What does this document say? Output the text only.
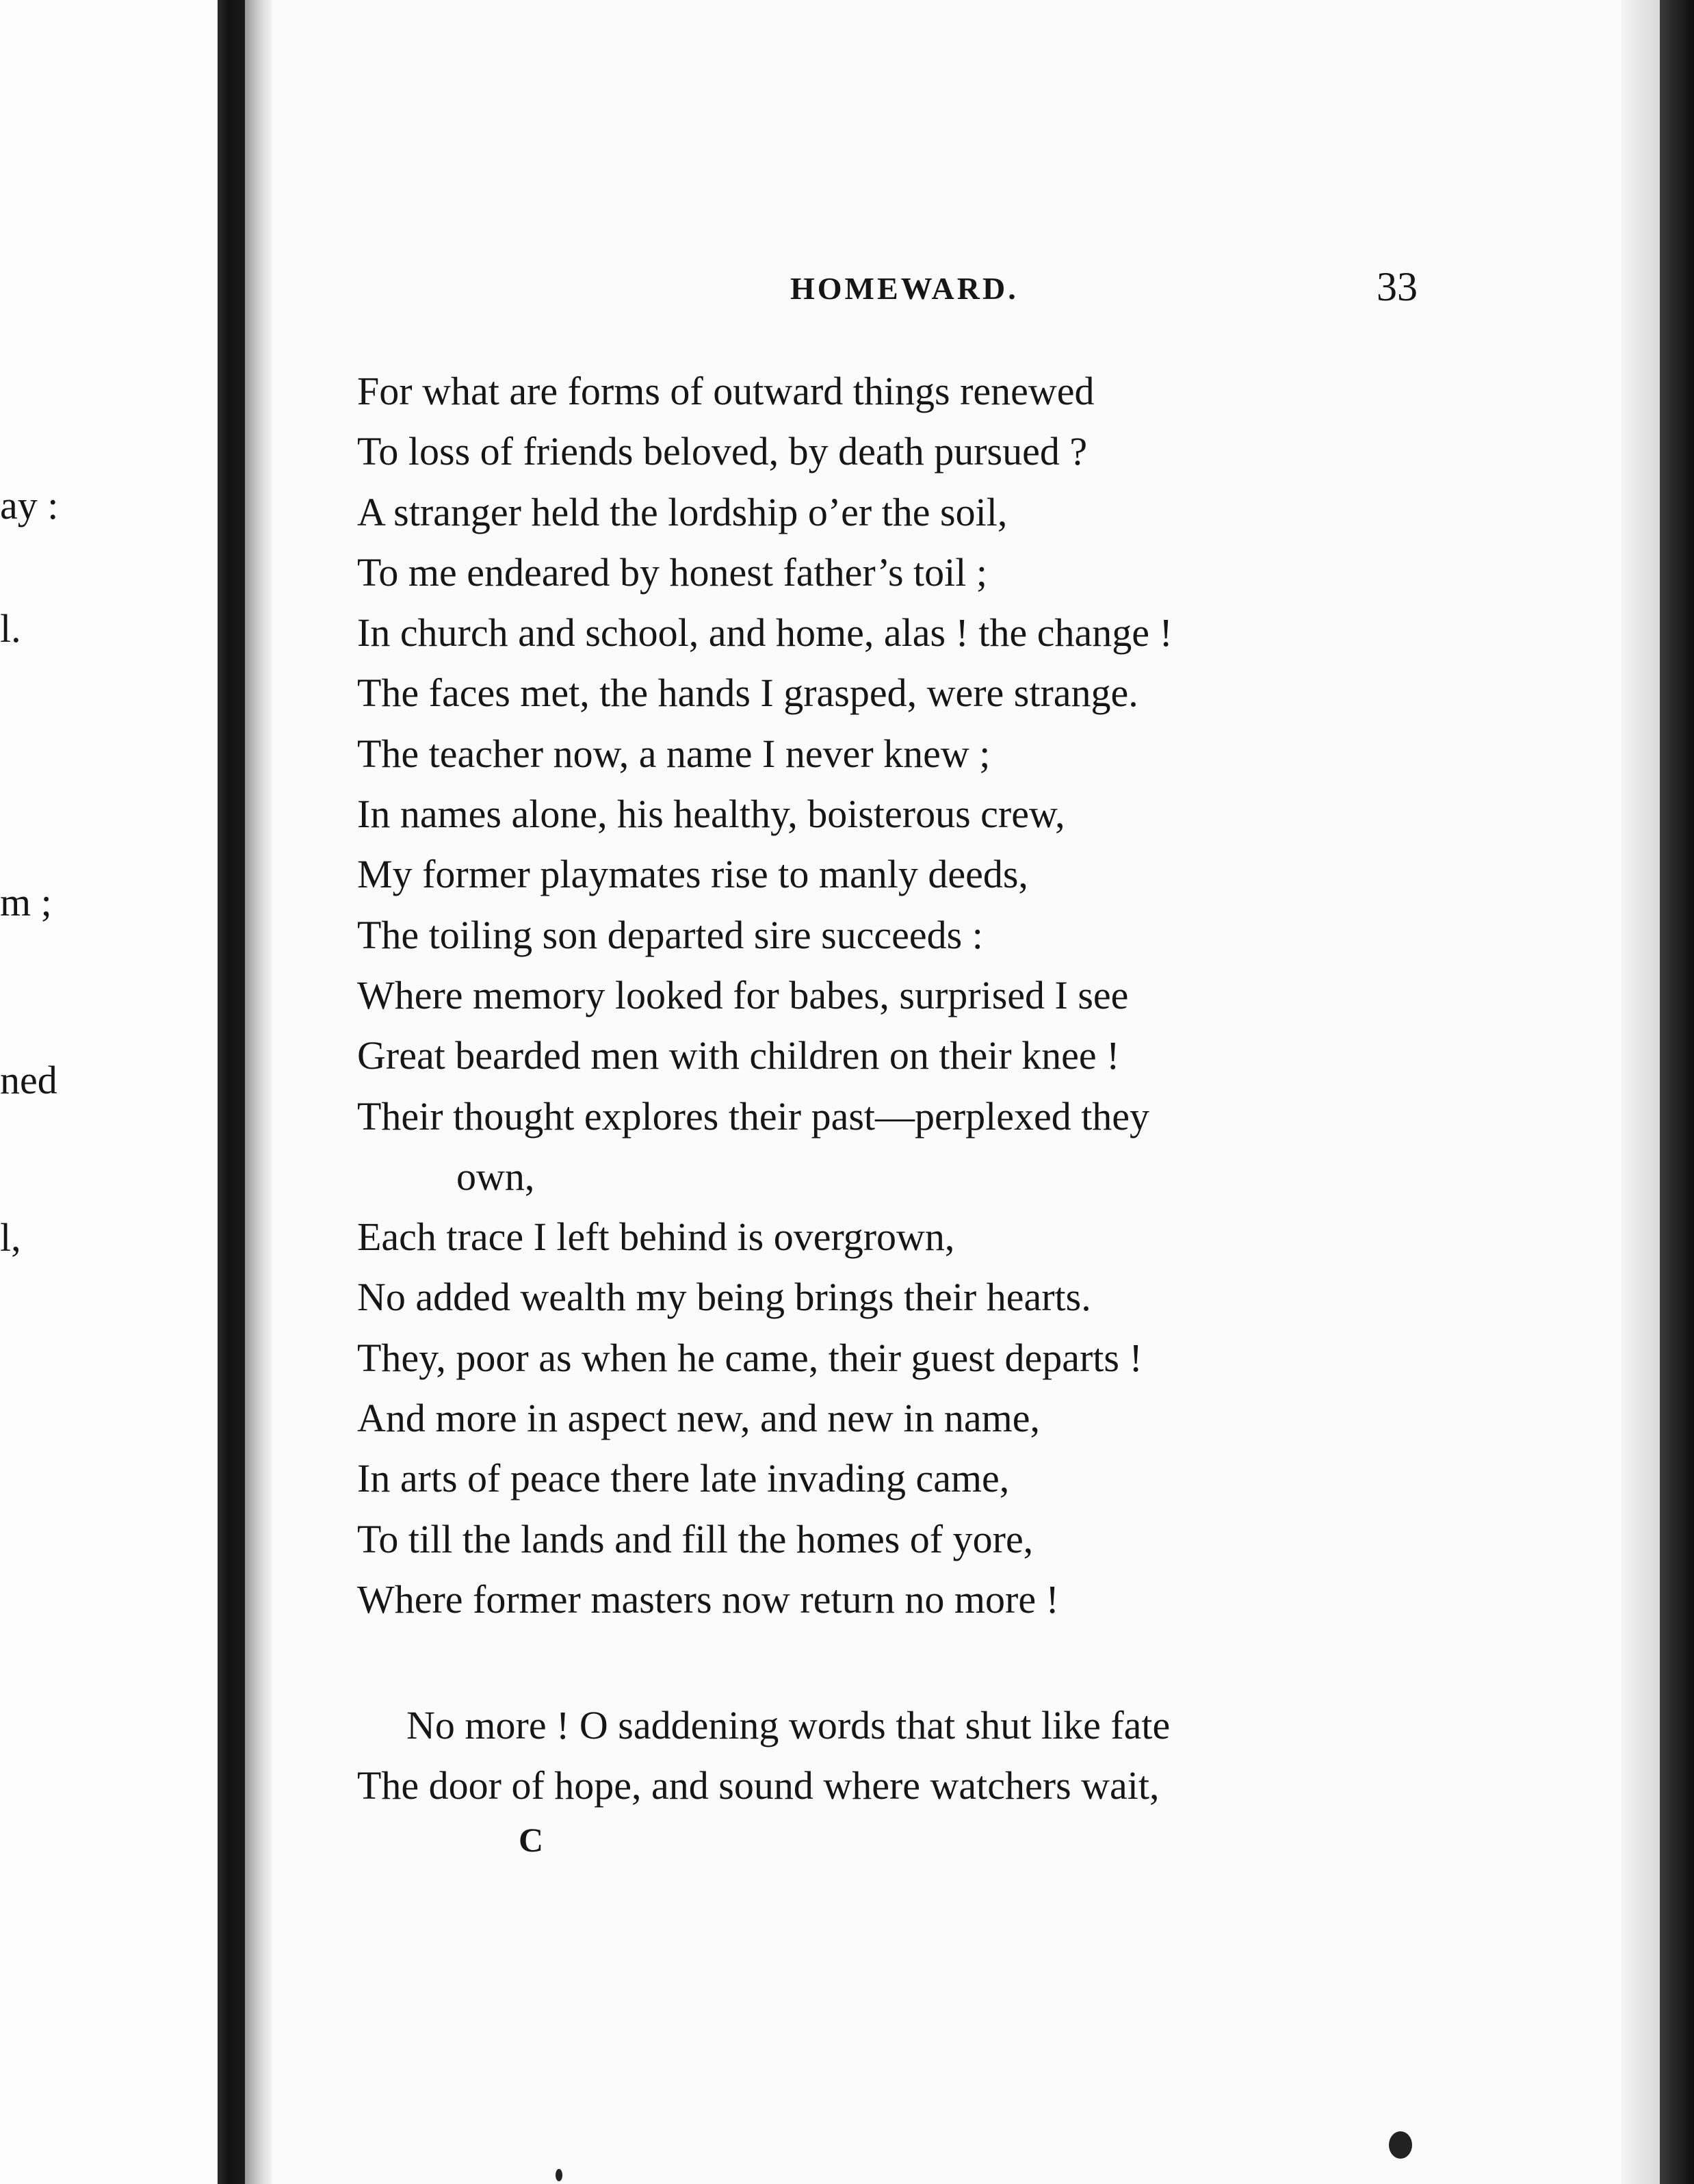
ay :
l.
m ;
ned
l,
HOMEWARD.	33
For what are forms of outward things renewed
To loss of friends beloved, by death pursued ?
A stranger held the lordship o’er the soil,
To me endeared by honest father’s toil ;
In church and school, and home, alas ! the change !
The faces met, the hands I grasped, were strange.
The teacher now, a name I never knew ;
In names alone, his healthy, boisterous crew,
My former playmates rise to manly deeds,
The toiling son departed sire succeeds :
Where memory looked for babes, surprised I see
Great bearded men with children on their knee !
Their thought explores their past—perplexed they
own,
Each trace I left behind is overgrown,
No added wealth my being brings their hearts.
They, poor as when he came, their guest departs !
And more in aspect new, and new in name,
In arts of peace there late invading came,
To till the lands and fill the homes of yore,
Where former masters now return no more !
No more ! O saddening words that shut like fate
The door of hope, and sound where watchers wait,
C
